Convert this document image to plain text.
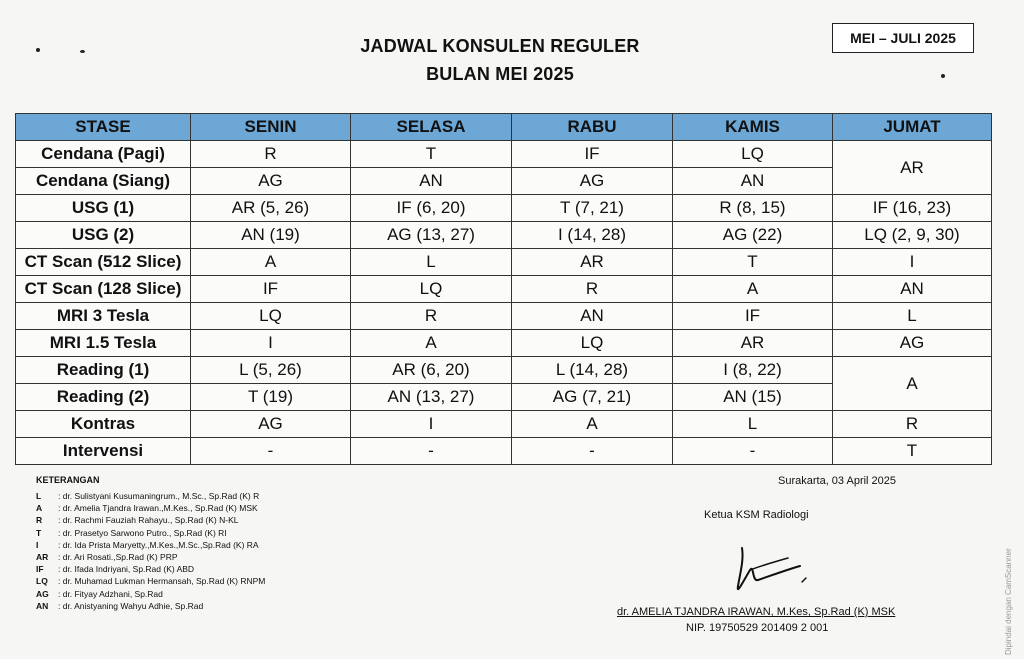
JADWAL KONSULEN REGULER
BULAN MEI 2025
MEI – JULI 2025
STASE	SENIN	SELASA	RABU	KAMIS	JUMAT
Cendana (Pagi)	R	T	IF	LQ	AR
Cendana (Siang)	AG	AN	AG	AN	
USG (1)	AR (5, 26)	IF (6, 20)	T (7, 21)	R (8, 15)	IF (16, 23)
USG (2)	AN (19)	AG (13, 27)	I (14, 28)	AG (22)	LQ (2, 9, 30)
CT Scan (512 Slice)	A	L	AR	T	I
CT Scan (128 Slice)	IF	LQ	R	A	AN
MRI 3 Tesla	LQ	R	AN	IF	L
MRI 1.5 Tesla	I	A	LQ	AR	AG
Reading (1)	L (5, 26)	AR (6, 20)	L (14, 28)	I (8, 22)	A
Reading (2)	T (19)	AN (13, 27)	AG (7, 21)	AN (15)	
Kontras	AG	I	A	L	R
Intervensi	-	-	-	-	T
KETERANGAN
L	: dr. Sulistyani Kusumaningrum., M.Sc., Sp.Rad (K) R
A	: dr. Amelia Tjandra Irawan.,M.Kes., Sp.Rad (K) MSK
R	: dr. Rachmi Fauziah Rahayu., Sp.Rad (K) N-KL
T	: dr. Prasetyo Sarwono Putro., Sp.Rad (K) RI
I	: dr. Ida Prista Maryetty.,M.Kes.,M.Sc.,Sp.Rad (K) RA
AR	: dr. Ari Rosati.,Sp.Rad (K) PRP
IF	: dr. Ifada Indriyani, Sp.Rad (K) ABD
LQ	: dr. Muhamad Lukman Hermansah, Sp.Rad (K) RNPM
AG	: dr. Fityay Adzhani, Sp.Rad
AN	: dr. Anistyaning Wahyu Adhie, Sp.Rad
Surakarta, 03 April 2025
Ketua KSM Radiologi
dr. AMELIA TJANDRA IRAWAN, M.Kes, Sp.Rad (K) MSK
NIP. 19750529 201409 2 001	Dipindai dengan CamScanner
